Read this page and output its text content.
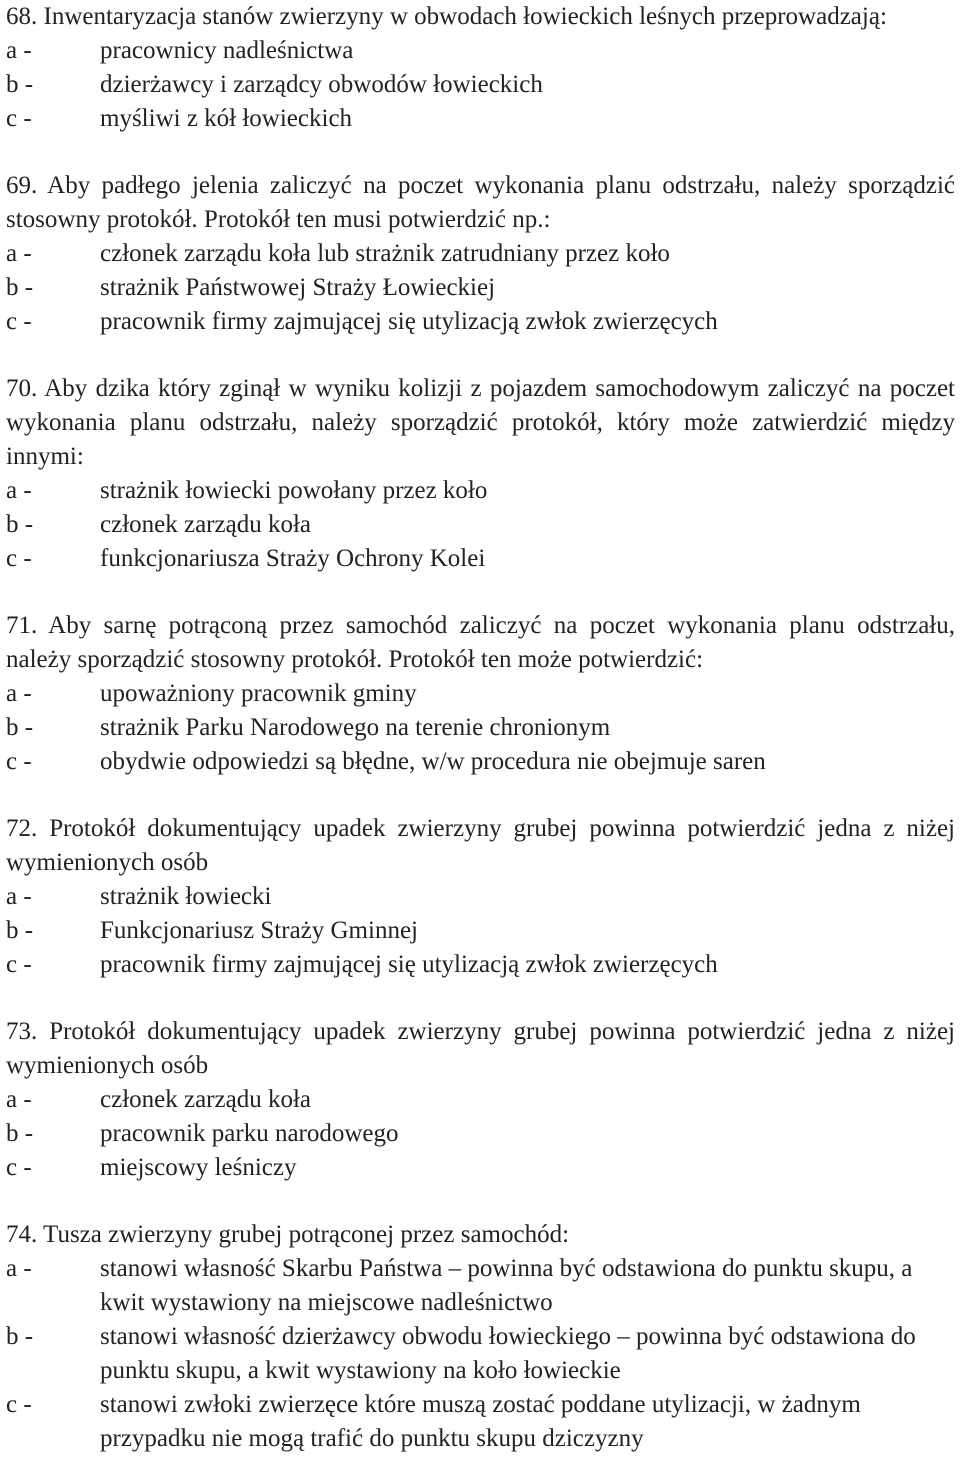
68. Inwentaryzacja stanów zwierzyny w obwodach łowieckich leśnych przeprowadzają:
a -	pracownicy nadleśnictwa
b -	dzierżawcy i zarządcy obwodów łowieckich
c -	myśliwi z kół łowieckich
69. Aby padłego jelenia zaliczyć na poczet wykonania planu odstrzału, należy sporządzić stosowny protokół. Protokół ten musi potwierdzić np.:
a -	członek zarządu koła lub strażnik zatrudniany przez koło
b -	strażnik Państwowej Straży Łowieckiej
c -	pracownik firmy zajmującej się utylizacją zwłok zwierzęcych
70. Aby dzika który zginął w wyniku kolizji z pojazdem samochodowym zaliczyć na poczet wykonania planu odstrzału, należy sporządzić protokół, który może zatwierdzić między innymi:
a -	strażnik łowiecki powołany przez koło
b -	członek zarządu koła
c -	funkcjonariusza Straży Ochrony Kolei
71. Aby sarnę potrąconą przez samochód zaliczyć na poczet wykonania planu odstrzału, należy sporządzić stosowny protokół. Protokół ten może potwierdzić:
a -	upoważniony pracownik gminy
b -	strażnik Parku Narodowego na terenie chronionym
c -	obydwie odpowiedzi są błędne, w/w procedura nie obejmuje saren
72. Protokół dokumentujący upadek zwierzyny grubej powinna potwierdzić jedna z niżej wymienionych osób
a -	strażnik łowiecki
b -	Funkcjonariusz Straży Gminnej
c -	pracownik firmy zajmującej się utylizacją zwłok zwierzęcych
73. Protokół dokumentujący upadek zwierzyny grubej powinna potwierdzić jedna z niżej wymienionych osób
a -	członek zarządu koła
b -	pracownik parku narodowego
c -	miejscowy leśniczy
74. Tusza zwierzyny grubej potrąconej przez samochód:
a -	stanowi własność Skarbu Państwa – powinna być odstawiona do punktu skupu, a kwit wystawiony na miejscowe nadleśnictwo
b -	stanowi własność dzierżawcy obwodu łowieckiego – powinna być odstawiona do punktu skupu, a kwit wystawiony na koło łowieckie
c -	stanowi zwłoki zwierzęce które muszą zostać poddane utylizacji, w żadnym przypadku nie mogą trafić do punktu skupu dziczyzny
